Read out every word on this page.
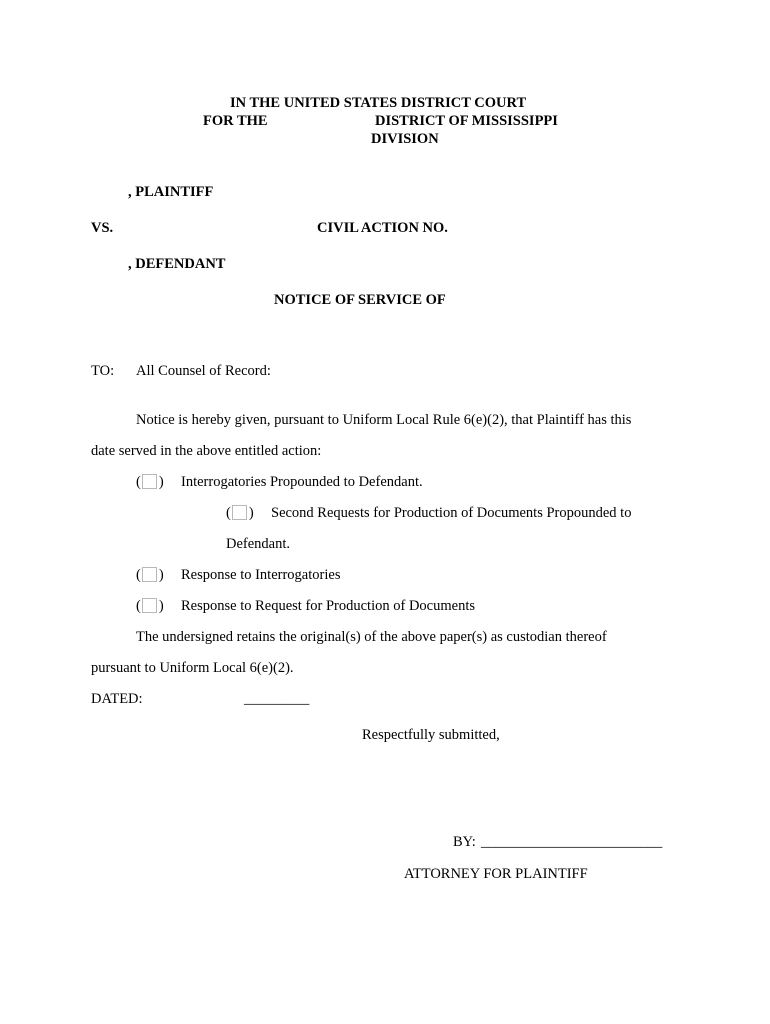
IN THE UNITED STATES DISTRICT COURT
FOR THE	DISTRICT OF MISSISSIPPI
DIVISION
, PLAINTIFF
VS.	CIVIL ACTION NO.
, DEFENDANT
NOTICE OF SERVICE OF
TO: All Counsel of Record:
Notice is hereby given, pursuant to Uniform Local Rule 6(e)(2), that Plaintiff has this
date served in the above entitled action:
( ) Interrogatories Propounded to Defendant.
( ) Second Requests for Production of Documents Propounded to
Defendant.
( ) Response to Interrogatories
( ) Response to Request for Production of Documents
The undersigned retains the original(s) of the above paper(s) as custodian thereof
pursuant to Uniform Local 6(e)(2).
DATED:	_________
Respectfully submitted,
BY: _________________________
ATTORNEY FOR PLAINTIFF
